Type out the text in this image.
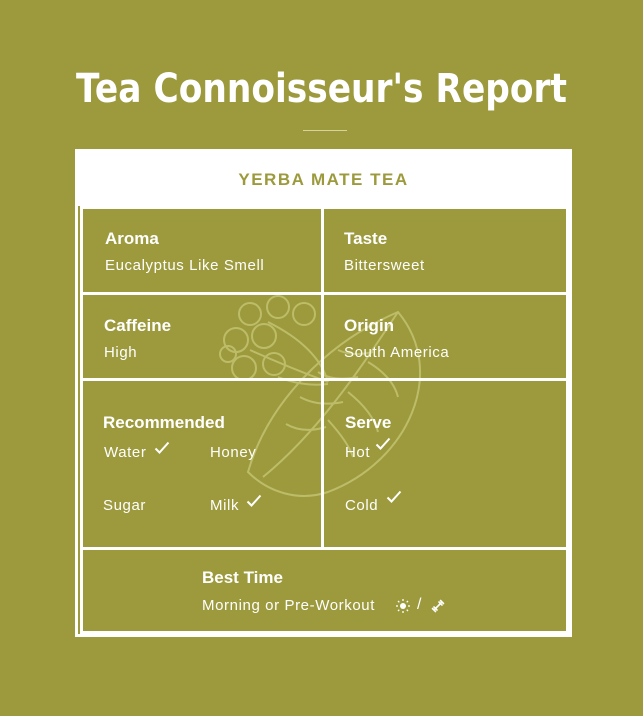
Tea Connoisseur's Report
YERBA MATE TEA
Aroma
Eucalyptus Like Smell
Taste
Bittersweet
Caffeine
High
Origin
South America
Recommended
Water	Honey
Sugar	Milk
Serve
Hot
Cold
Best Time
Morning or Pre-Workout	/
